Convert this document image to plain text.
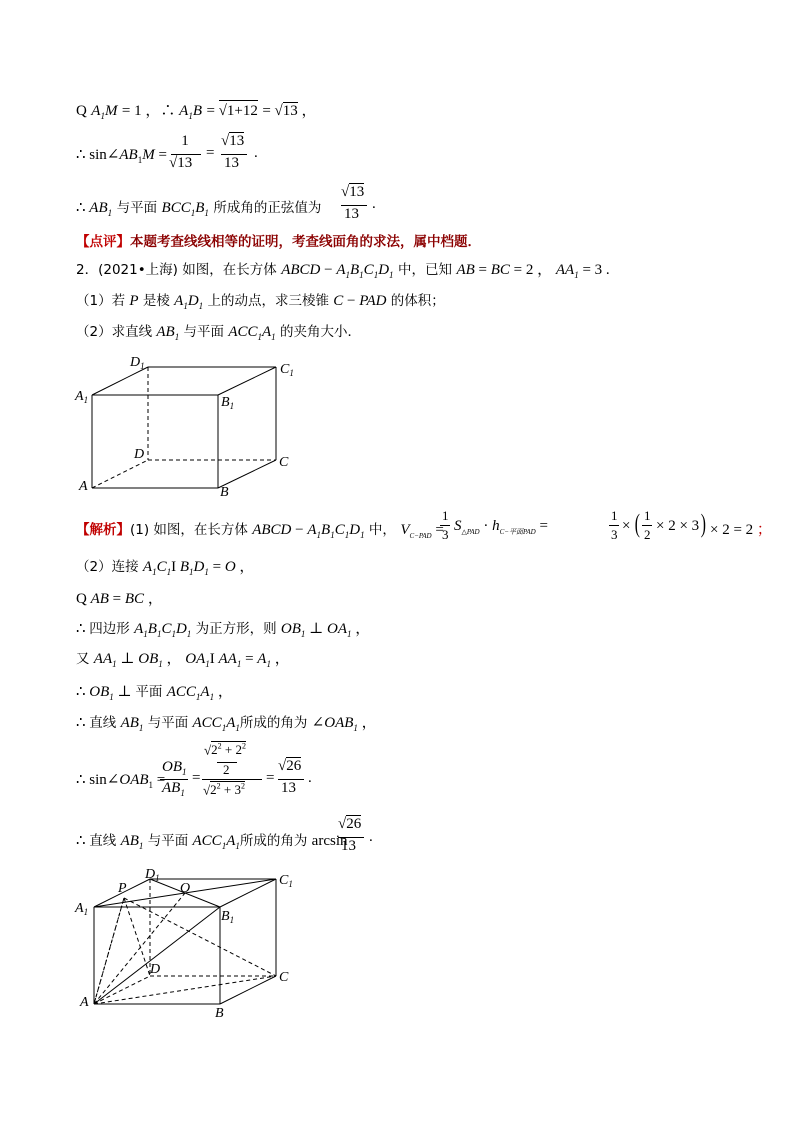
Q $A_1M = 1$ ，∴ $A_1B = √1+12 = √13$ ，
∴ $\sin\angle AB_1M$ =
1
√13
=
√13
13
.
∴ $AB_1$ 与平面 $BCC_1B_1$ 所成角的正弦值为
√13
13
.
【点评】本题考查线线相等的证明，考查线面角的求法，属中档题．
2．(2021•上海) 如图，在长方体 ABCD − $A_1B_1C_1D_1$ 中，已知 AB = BC = 2 ， $AA_1 = 3$ .
（1）若 P 是棱 $A_1D_1$ 上的动点，求三棱锥 C − PAD 的体积；
（2）求直线 $AB_1$ 与平面 $ACC_1A_1$ 的夹角大小．
$D_1$	$C_1$
$A_1$	$B_1$
D
C
A	B
【解析】(1) 如图，在长方体 ABCD − $A_1B_1C_1D_1$ 中， $V_{C-PAD}$ =
1
3
$S_{\triangle PAD} \cdot h_{C-平面PAD}$ =
1
3
× ( 1
2
× 2 × 3 ) × 2 = 2 ；
（2）连接 $A_1C_1I$ $B_1D_1 = O$ ，
Q AB = BC ，
∴ 四边形 $A_1B_1C_1D_1$ 为正方形，则 $OB_1$ ⊥ $OA_1$ ，
又 $AA_1$ ⊥ $OB_1$ ， $OA_1I$ $AA_1 = A_1$ ，
∴ $OB_1$ ⊥ 平面 $ACC_1A_1$ ，
∴ 直线 $AB_1$ 与平面 $ACC_1A_1$所成的角为 $\angle OAB_1$ ，
∴ $\sin\angle OAB_1$ =
$OB_1$
$AB_1$
=
$√2^2 + 2^2$
2
$√2^2 + 3^2$
=
√26
13
.
∴ 直线 $AB_1$ 与平面 $ACC_1A_1$所成的角为 arcsin
√26
13
.
P
$D_1$
O
$C_1$
$A_1$	$B_1$
D
C
A
B
